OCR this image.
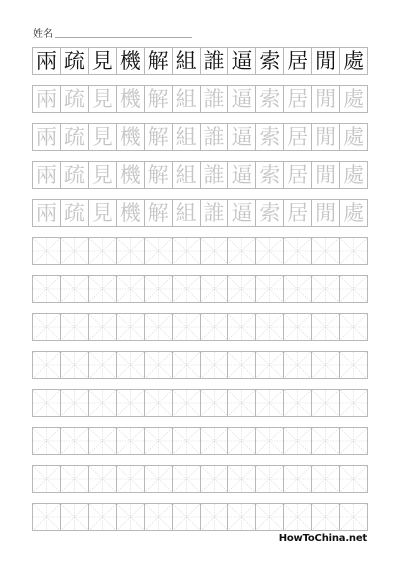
姓名
兩 疏 見 機 解 組 誰 逼 索 居 閒 處
兩 疏 見 機 解 組 誰 逼 索 居 閒 處
兩 疏 見 機 解 組 誰 逼 索 居 閒 處
兩 疏 見 機 解 組 誰 逼 索 居 閒 處
兩 疏 見 機 解 組 誰 逼 索 居 閒 處
HowToChina.net
